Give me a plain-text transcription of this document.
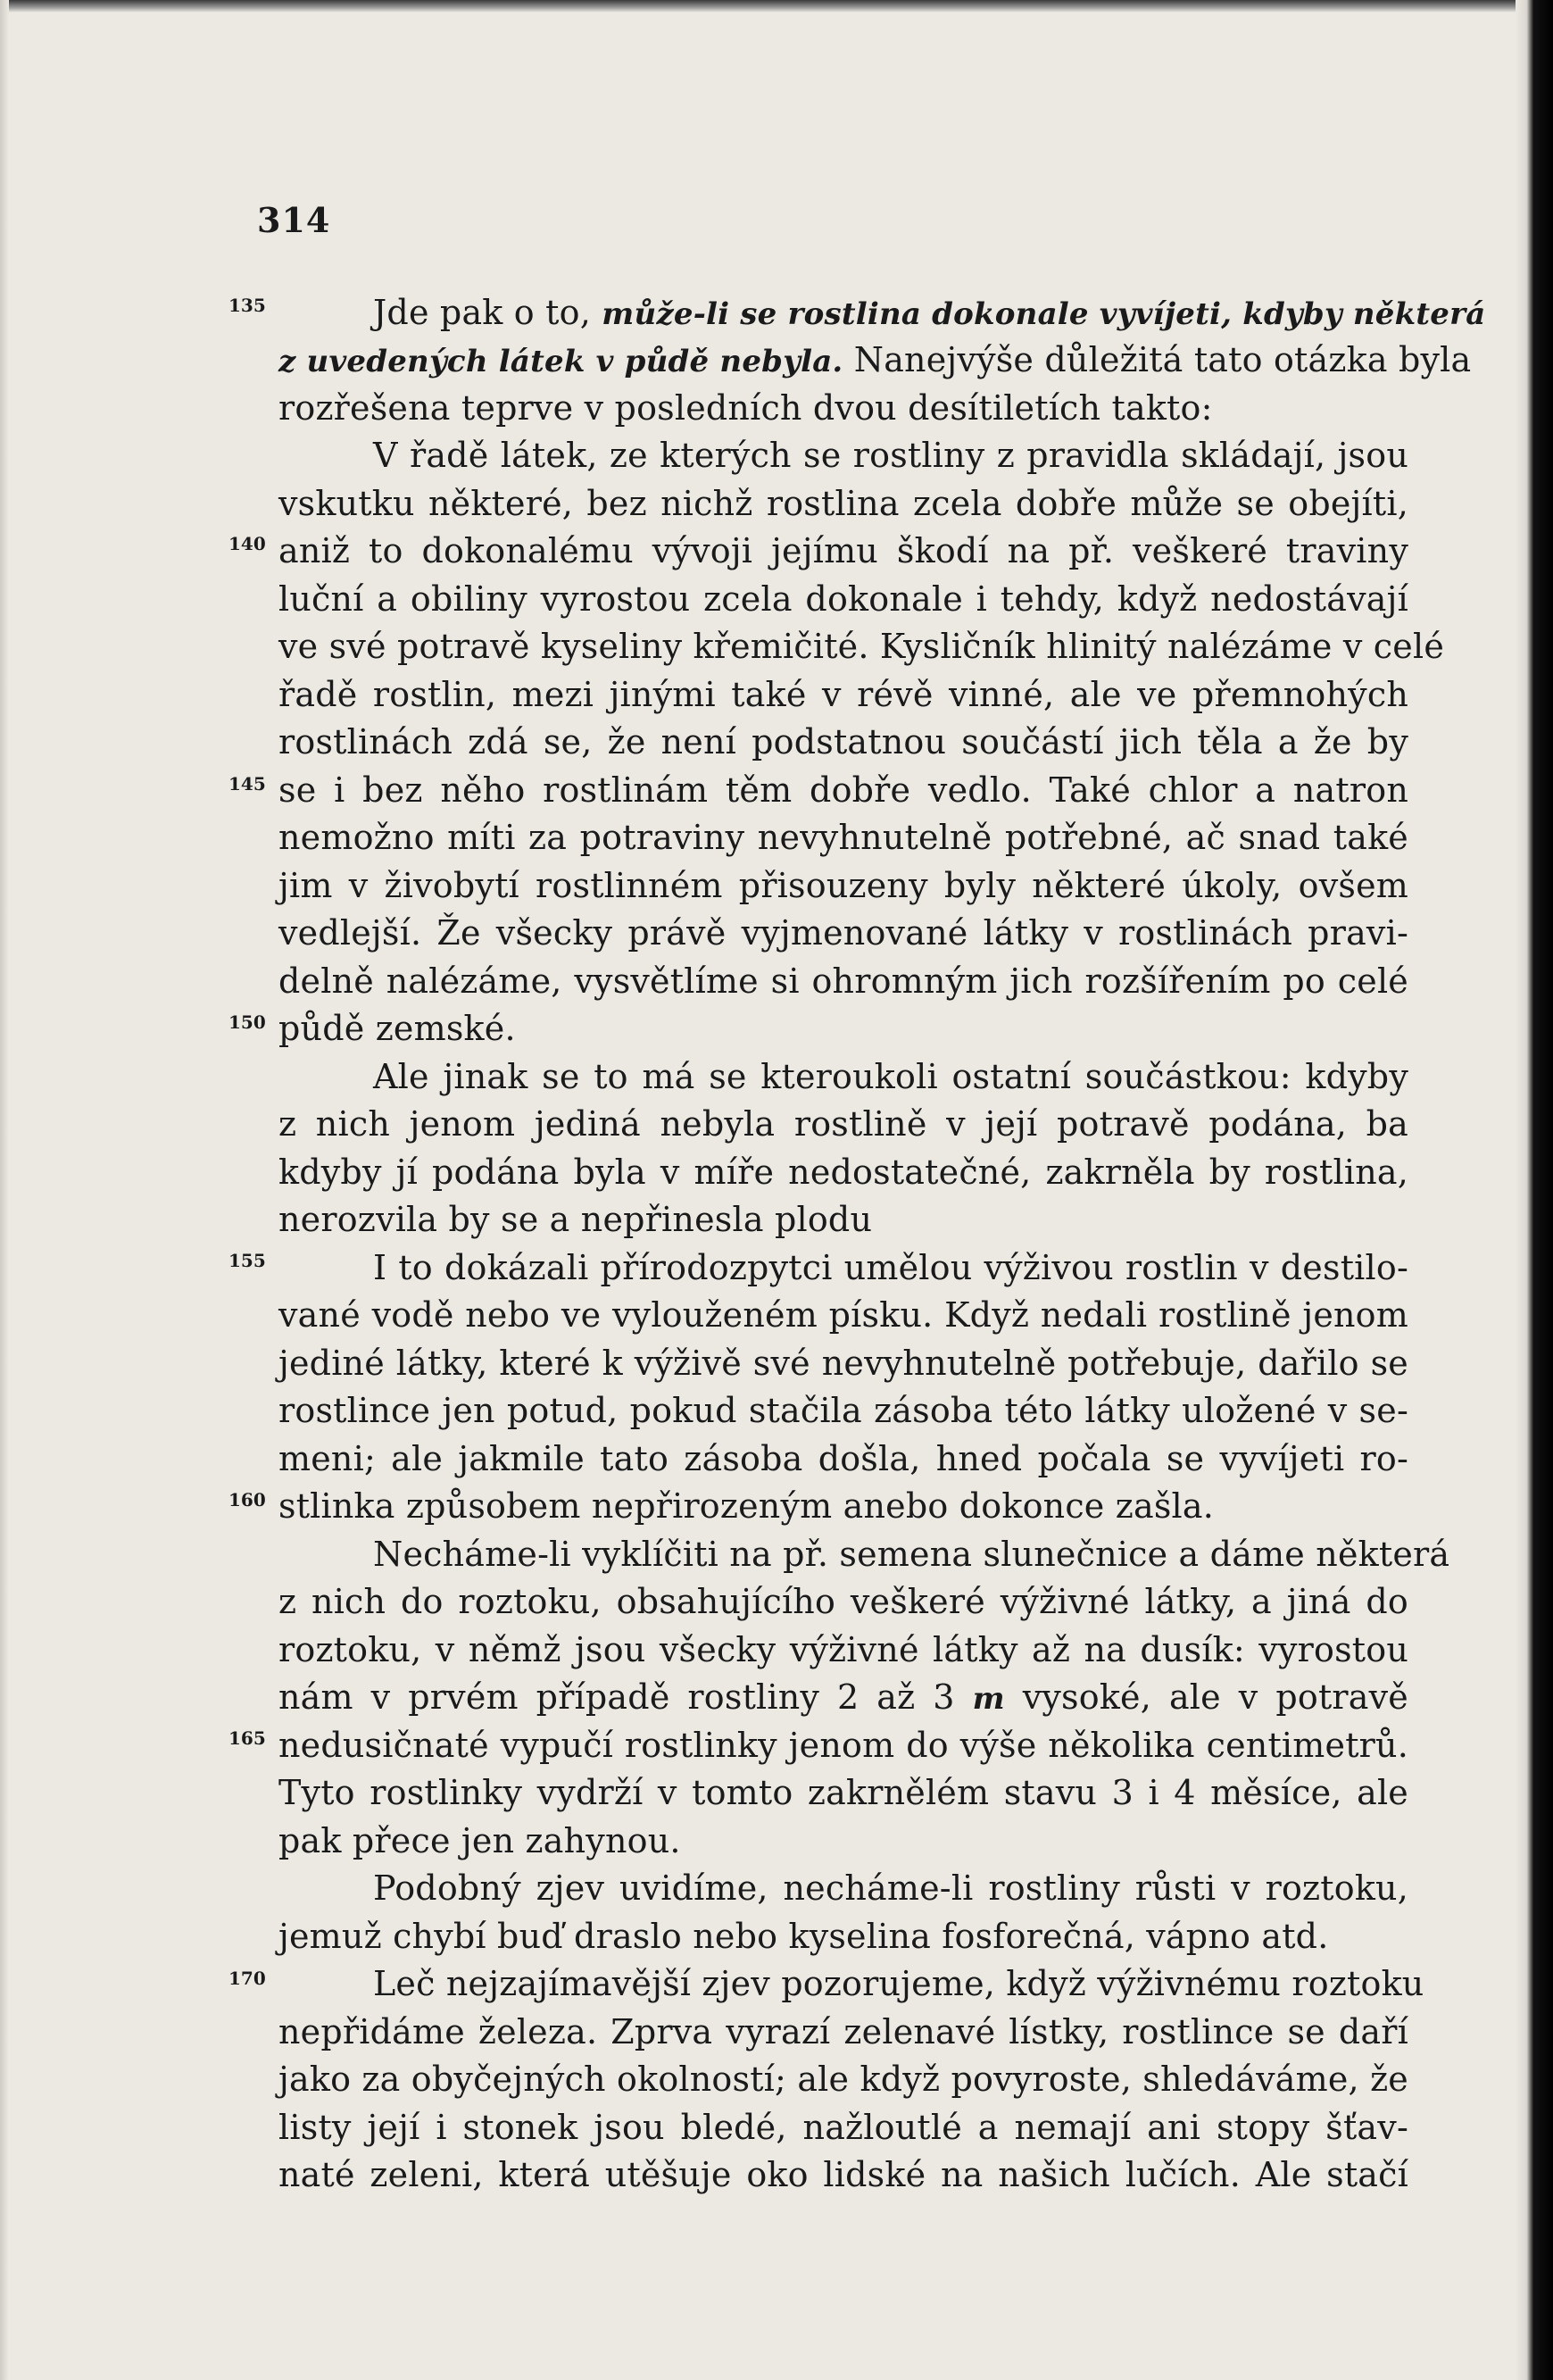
314
135
140
145
150
155
160
165
170
Jde pak o to, může-li se rostlina dokonale vyvíjeti, kdyby některá
z uvedených látek v půdě nebyla. Nanejvýše důležitá tato otázka byla
rozřešena teprve v posledních dvou desítiletích takto:
V řadě látek, ze kterých se rostliny z pravidla skládají, jsou
vskutku některé, bez nichž rostlina zcela dobře může se obejíti,
aniž to dokonalému vývoji jejímu škodí na př. veškeré traviny
luční a obiliny vyrostou zcela dokonale i tehdy, když nedostávají
ve své potravě kyseliny křemičité. Kysličník hlinitý nalézáme v celé
řadě rostlin, mezi jinými také v révě vinné, ale ve přemnohých
rostlinách zdá se, že není podstatnou součástí jich těla a že by
se i bez něho rostlinám těm dobře vedlo. Také chlor a natron
nemožno míti za potraviny nevyhnutelně potřebné, ač snad také
jim v živobytí rostlinném přisouzeny byly některé úkoly, ovšem
vedlejší. Že všecky právě vyjmenované látky v rostlinách pravi-
delně nalézáme, vysvětlíme si ohromným jich rozšířením po celé
půdě zemské.
Ale jinak se to má se kteroukoli ostatní součástkou: kdyby
z nich jenom jediná nebyla rostlině v její potravě podána, ba
kdyby jí podána byla v míře nedostatečné, zakrněla by rostlina,
nerozvila by se a nepřinesla plodu
I to dokázali přírodozpytci umělou výživou rostlin v destilo-
vané vodě nebo ve vylouženém písku. Když nedali rostlině jenom
jediné látky, které k výživě své nevyhnutelně potřebuje, dařilo se
rostlince jen potud, pokud stačila zásoba této látky uložené v se-
meni; ale jakmile tato zásoba došla, hned počala se vyvíjeti ro-
stlinka způsobem nepřirozeným anebo dokonce zašla.
Necháme-li vyklíčiti na př. semena slunečnice a dáme některá
z nich do roztoku, obsahujícího veškeré výživné látky, a jiná do
roztoku, v němž jsou všecky výživné látky až na dusík: vyrostou
nám v prvém případě rostliny 2 až 3 m vysoké, ale v potravě
nedusičnaté vypučí rostlinky jenom do výše několika centimetrů.
Tyto rostlinky vydrží v tomto zakrnělém stavu 3 i 4 měsíce, ale
pak přece jen zahynou.
Podobný zjev uvidíme, necháme-li rostliny růsti v roztoku,
jemuž chybí buď draslo nebo kyselina fosforečná, vápno atd.
Leč nejzajímavější zjev pozorujeme, když výživnému roztoku
nepřidáme železa. Zprva vyrazí zelenavé lístky, rostlince se daří
jako za obyčejných okolností; ale když povyroste, shledáváme, že
listy její i stonek jsou bledé, nažloutlé a nemají ani stopy šťav-
naté zeleni, která utěšuje oko lidské na našich lučích. Ale stačí
